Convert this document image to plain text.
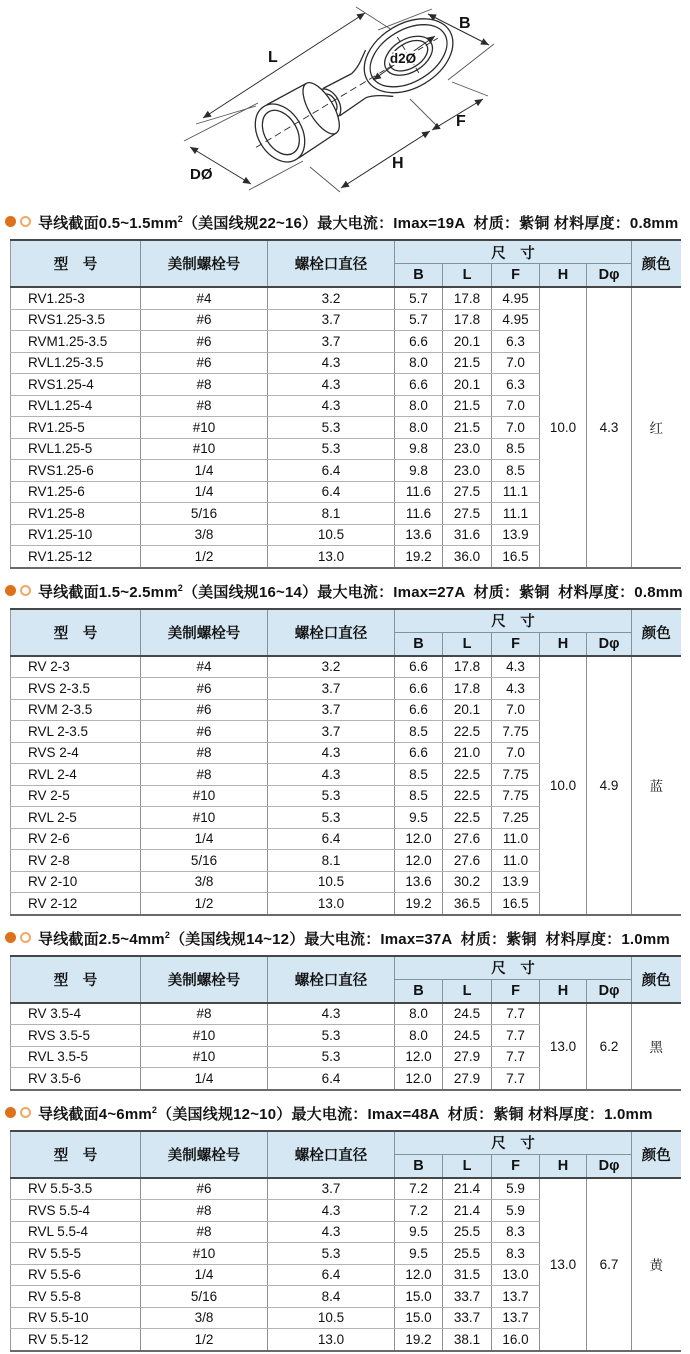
L
B
F
H
DØ
d2Ø
导线截面$0.5\sim 1.5mm^2$（美国线规22~16）最大电流：Imax=19A  材质：紫铜 材料厚度：0.8mm
型　号	美制螺栓号	螺栓口直径	尺　寸					颜色
			B	L	F	H	Dφ	
RV1.25-3	#4	3.2	5.7	17.8	4.95	10.0	4.3	红
RVS1.25-3.5	#6	3.7	5.7	17.8	4.95			
RVM1.25-3.5	#6	3.7	6.6	20.1	6.3			
RVL1.25-3.5	#6	4.3	8.0	21.5	7.0			
RVS1.25-4	#8	4.3	6.6	20.1	6.3			
RVL1.25-4	#8	4.3	8.0	21.5	7.0			
RV1.25-5	#10	5.3	8.0	21.5	7.0			
RVL1.25-5	#10	5.3	9.8	23.0	8.5			
RVS1.25-6	1/4	6.4	9.8	23.0	8.5			
RV1.25-6	1/4	6.4	11.6	27.5	11.1			
RV1.25-8	5/16	8.1	11.6	27.5	11.1			
RV1.25-10	3/8	10.5	13.6	31.6	13.9			
RV1.25-12	1/2	13.0	19.2	36.0	16.5			
导线截面$1.5\sim 2.5mm^2$（美国线规16~14）最大电流：Imax=27A  材质：紫铜  材料厚度：0.8mm
型　号	美制螺栓号	螺栓口直径	尺　寸					颜色
			B	L	F	H	Dφ	
RV 2-3	#4	3.2	6.6	17.8	4.3	10.0	4.9	蓝
RVS 2-3.5	#6	3.7	6.6	17.8	4.3			
RVM 2-3.5	#6	3.7	6.6	20.1	7.0			
RVL 2-3.5	#6	3.7	8.5	22.5	7.75			
RVS 2-4	#8	4.3	6.6	21.0	7.0			
RVL 2-4	#8	4.3	8.5	22.5	7.75			
RV 2-5	#10	5.3	8.5	22.5	7.75			
RVL 2-5	#10	5.3	9.5	22.5	7.25			
RV 2-6	1/4	6.4	12.0	27.6	11.0			
RV 2-8	5/16	8.1	12.0	27.6	11.0			
RV 2-10	3/8	10.5	13.6	30.2	13.9			
RV 2-12	1/2	13.0	19.2	36.5	16.5			
导线截面$2.5\sim 4mm^2$（美国线规14~12）最大电流：Imax=37A  材质：紫铜  材料厚度：1.0mm
型　号	美制螺栓号	螺栓口直径	尺　寸					颜色
			B	L	F	H	Dφ	
RV 3.5-4	#8	4.3	8.0	24.5	7.7	13.0	6.2	黑
RVS 3.5-5	#10	5.3	8.0	24.5	7.7			
RVL 3.5-5	#10	5.3	12.0	27.9	7.7			
RV 3.5-6	1/4	6.4	12.0	27.9	7.7			
导线截面$4\sim 6mm^2$（美国线规12~10）最大电流：Imax=48A  材质：紫铜 材料厚度：1.0mm
型　号	美制螺栓号	螺栓口直径	尺　寸					颜色
			B	L	F	H	Dφ	
RV 5.5-3.5	#6	3.7	7.2	21.4	5.9	13.0	6.7	黄
RVS 5.5-4	#8	4.3	7.2	21.4	5.9			
RVL 5.5-4	#8	4.3	9.5	25.5	8.3			
RV 5.5-5	#10	5.3	9.5	25.5	8.3			
RV 5.5-6	1/4	6.4	12.0	31.5	13.0			
RV 5.5-8	5/16	8.4	15.0	33.7	13.7			
RV 5.5-10	3/8	10.5	15.0	33.7	13.7			
RV 5.5-12	1/2	13.0	19.2	38.1	16.0			
